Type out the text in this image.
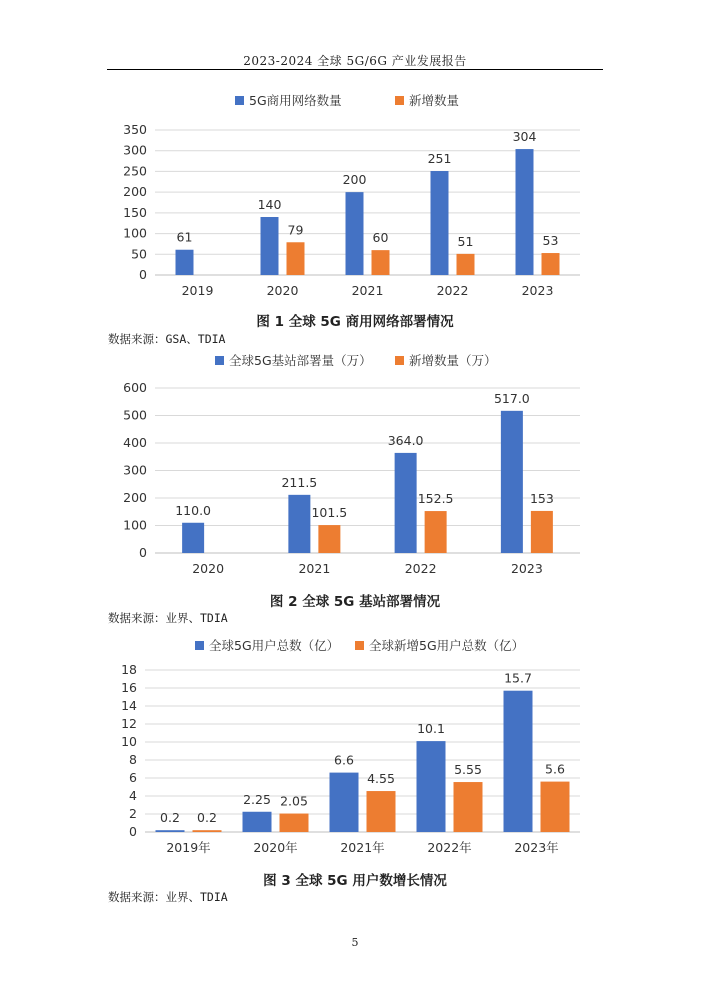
2023-2024 全球 5G/6G 产业发展报告
5G商用网络数量	新增数量
0
50
100
150
200
250
300
350
61
2019
140
79
2020
200
60
2021
251
51
2022
304
53
2023
图 1 全球 5G 商用网络部署情况
数据来源：GSA、TDIA
全球5G基站部署量（万）	新增数量（万）
0
100
200
300
400
500
600
110.0
2020
211.5
101.5
2021
364.0
152.5
2022
517.0
153
2023
图 2 全球 5G 基站部署情况
数据来源：业界、TDIA
全球5G用户总数（亿） 全球新增5G用户总数（亿）
0
2
4
6
8
10
12
14
16
18
0.2 0.2
2019年
2.25 2.05
2020年
6.6
4.55
2021年
10.1
5.55
2022年
15.7
5.6
2023年
图 3 全球 5G 用户数增长情况
数据来源：业界、TDIA
5
